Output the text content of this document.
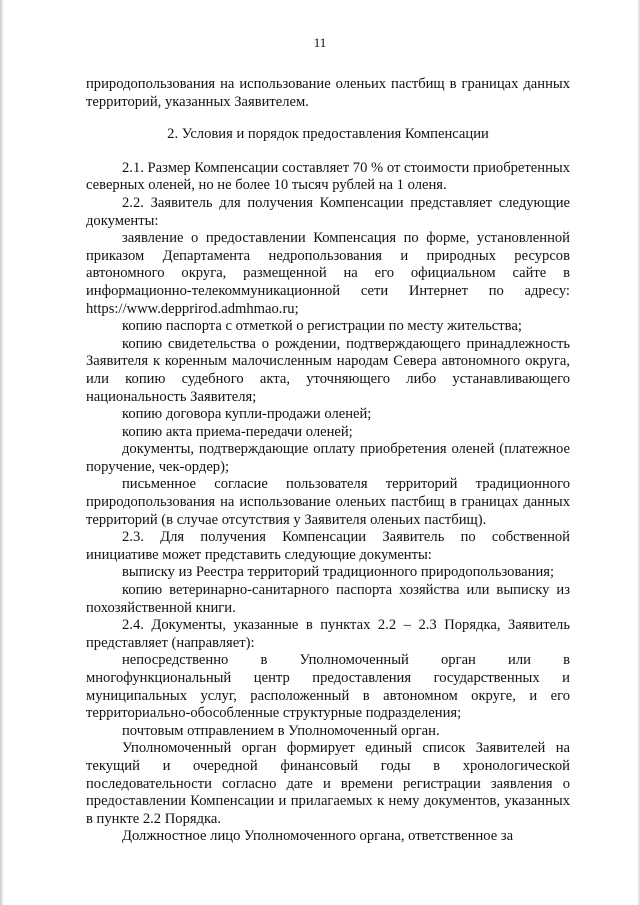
11

природопользования на использование оленьих пастбищ в границах данных территорий, указанных Заявителем.

2. Условия и порядок предоставления Компенсации

2.1. Размер Компенсации составляет 70 % от стоимости приобретенных северных оленей, но не более 10 тысяч рублей на 1 оленя.

2.2. Заявитель для получения Компенсации представляет следующие документы:

заявление о предоставлении Компенсация по форме, установленной приказом Департамента недропользования и природных ресурсов автономного округа, размещенной на его официальном сайте в информационно-телекоммуникационной сети Интернет по адресу: https://www.depprirod.admhmao.ru;

копию паспорта с отметкой о регистрации по месту жительства;

копию свидетельства о рождении, подтверждающего принадлежность Заявителя к коренным малочисленным народам Севера автономного округа, или копию судебного акта, уточняющего либо устанавливающего национальность Заявителя;

копию договора купли-продажи оленей;

копию акта приема-передачи оленей;

документы, подтверждающие оплату приобретения оленей (платежное поручение, чек-ордер);

письменное согласие пользователя территорий традиционного природопользования на использование оленьих пастбищ в границах данных территорий (в случае отсутствия у Заявителя оленьих пастбищ).

2.3. Для получения Компенсации Заявитель по собственной инициативе может представить следующие документы:

выписку из Реестра территорий традиционного природопользования;

копию ветеринарно-санитарного паспорта хозяйства или выписку из похозяйственной книги.

2.4. Документы, указанные в пунктах 2.2 – 2.3 Порядка, Заявитель представляет (направляет):

непосредственно в Уполномоченный орган или в многофункциональный центр предоставления государственных и муниципальных услуг, расположенный в автономном округе, и его территориально-обособленные структурные подразделения;

почтовым отправлением в Уполномоченный орган.

Уполномоченный орган формирует единый список Заявителей на текущий и очередной финансовый годы в хронологической последовательности согласно дате и времени регистрации заявления о предоставлении Компенсации и прилагаемых к нему документов, указанных в пункте 2.2 Порядка.

Должностное лицо Уполномоченного органа, ответственное за
